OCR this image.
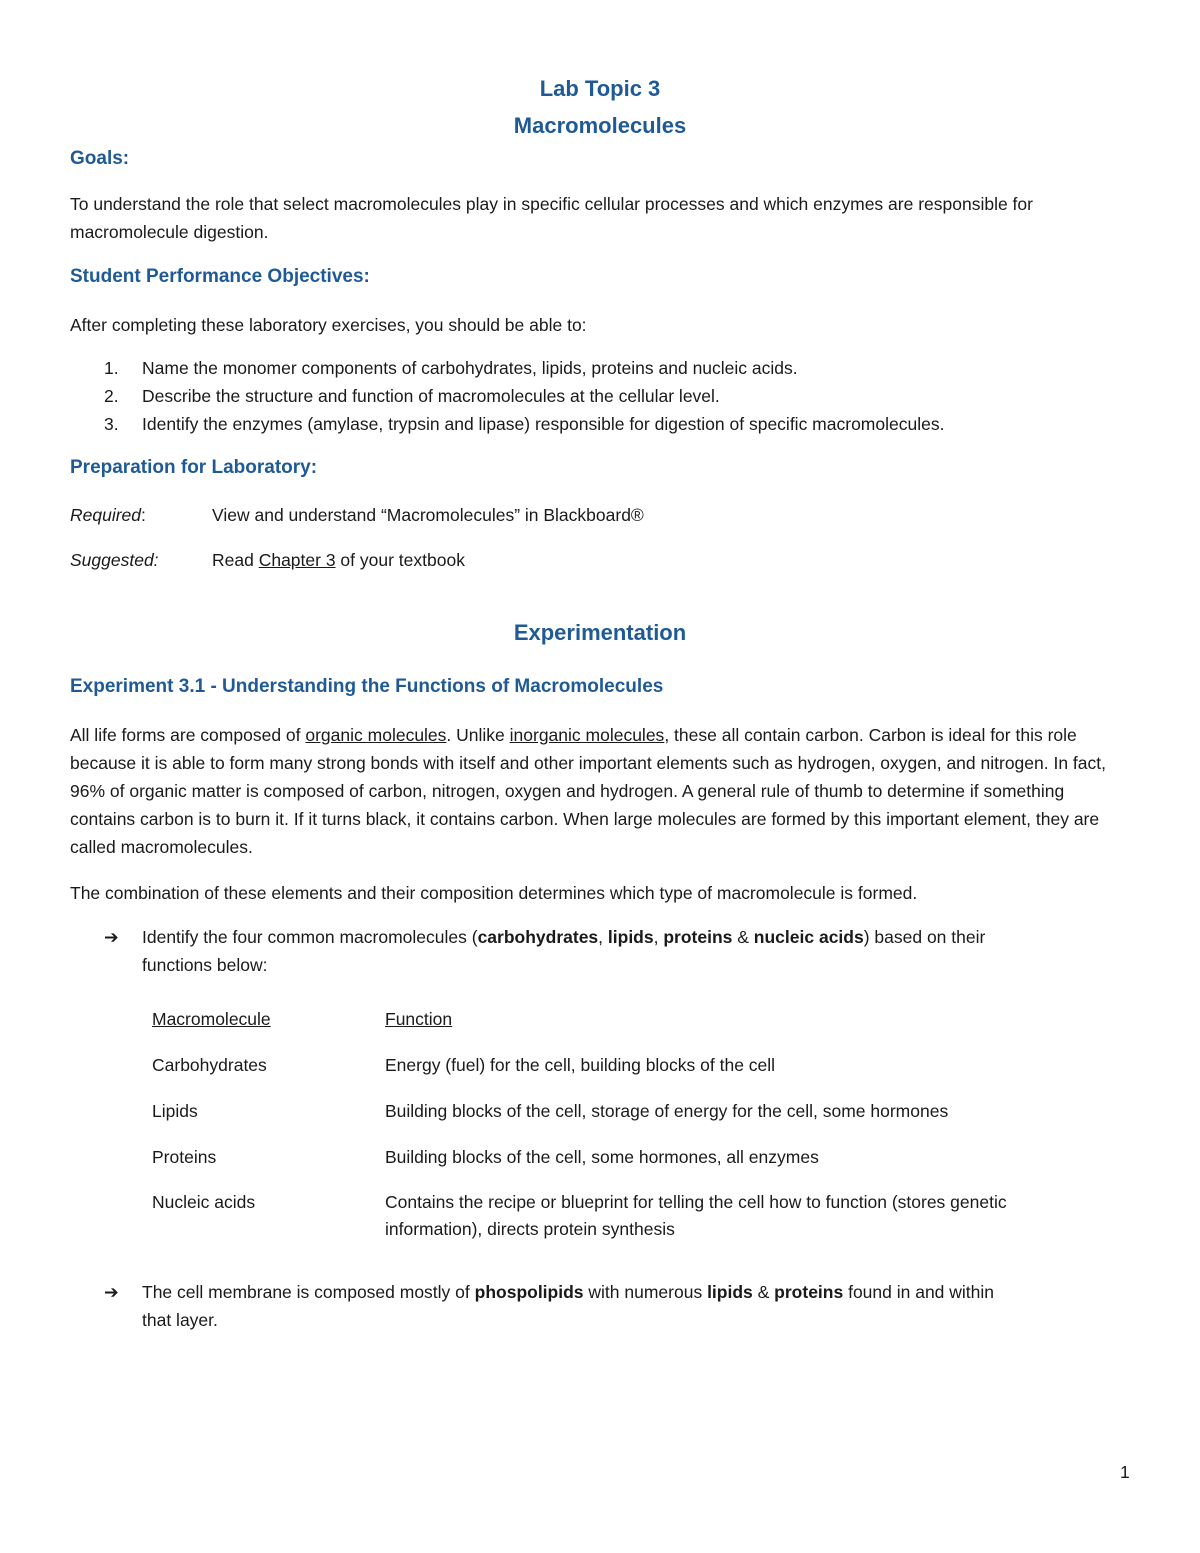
Lab Topic 3
Macromolecules
Goals:
To understand the role that select macromolecules play in specific cellular processes and which enzymes are responsible for macromolecule digestion.
Student Performance Objectives:
After completing these laboratory exercises, you should be able to:
1. Name the monomer components of carbohydrates, lipids, proteins and nucleic acids.
2. Describe the structure and function of macromolecules at the cellular level.
3. Identify the enzymes (amylase, trypsin and lipase) responsible for digestion of specific macromolecules.
Preparation for Laboratory:
Required:	View and understand “Macromolecules” in Blackboard®
Suggested:	Read Chapter 3 of your textbook
Experimentation
Experiment 3.1 - Understanding the Functions of Macromolecules
All life forms are composed of organic molecules. Unlike inorganic molecules, these all contain carbon. Carbon is ideal for this role because it is able to form many strong bonds with itself and other important elements such as hydrogen, oxygen, and nitrogen. In fact, 96% of organic matter is composed of carbon, nitrogen, oxygen and hydrogen. A general rule of thumb to determine if something contains carbon is to burn it. If it turns black, it contains carbon. When large molecules are formed by this important element, they are called macromolecules.
The combination of these elements and their composition determines which type of macromolecule is formed.
➔ Identify the four common macromolecules (carbohydrates, lipids, proteins & nucleic acids) based on their
functions below:
Macromolecule	Function
Carbohydrates	Energy (fuel) for the cell, building blocks of the cell
Lipids	Building blocks of the cell, storage of energy for the cell, some hormones
Proteins	Building blocks of the cell, some hormones, all enzymes
Nucleic acids	Contains the recipe or blueprint for telling the cell how to function (stores genetic
information), directs protein synthesis
➔ The cell membrane is composed mostly of phospolipids with numerous lipids & proteins found in and within
that layer.
1
